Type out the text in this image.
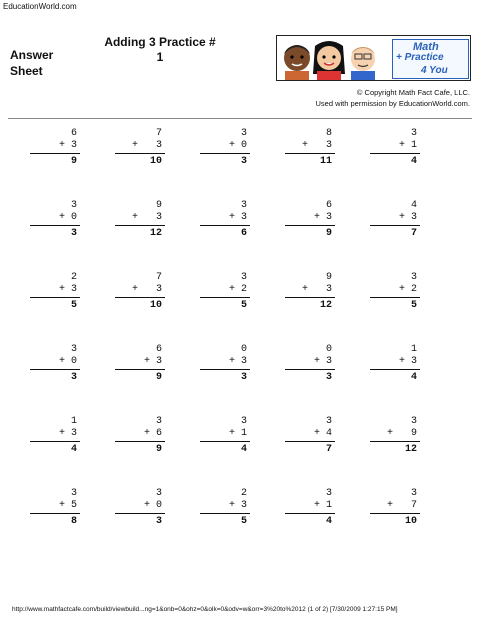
EducationWorld.com
Answer Sheet
Adding 3 Practice # 1
Math
+ Practice
4 You
© Copyright Math Fact Cafe, LLC.
Used with permission by EducationWorld.com.
6
+ 3
9
7
+   3
10
3
+ 0
3
8
+   3
11
3
+ 1
4
3
+ 0
3
9
+   3
12
3
+ 3
6
6
+ 3
9
4
+ 3
7
2
+ 3
5
7
+   3
10
3
+ 2
5
9
+   3
12
3
+ 2
5
3
+ 0
3
6
+ 3
9
0
+ 3
3
0
+ 3
3
1
+ 3
4
1
+ 3
4
3
+ 6
9
3
+ 1
4
3
+ 4
7
3
+   9
12
3
+ 5
8
3
+ 0
3
2
+ 3
5
3
+ 1
4
3
+   7
10
http://www.mathfactcafe.com/build/viewbuild...ng=1&onb=0&ohz=0&olk=0&odv=w&orr=3%20to%2012 (1 of 2) [7/30/2009 1:27:15 PM]
